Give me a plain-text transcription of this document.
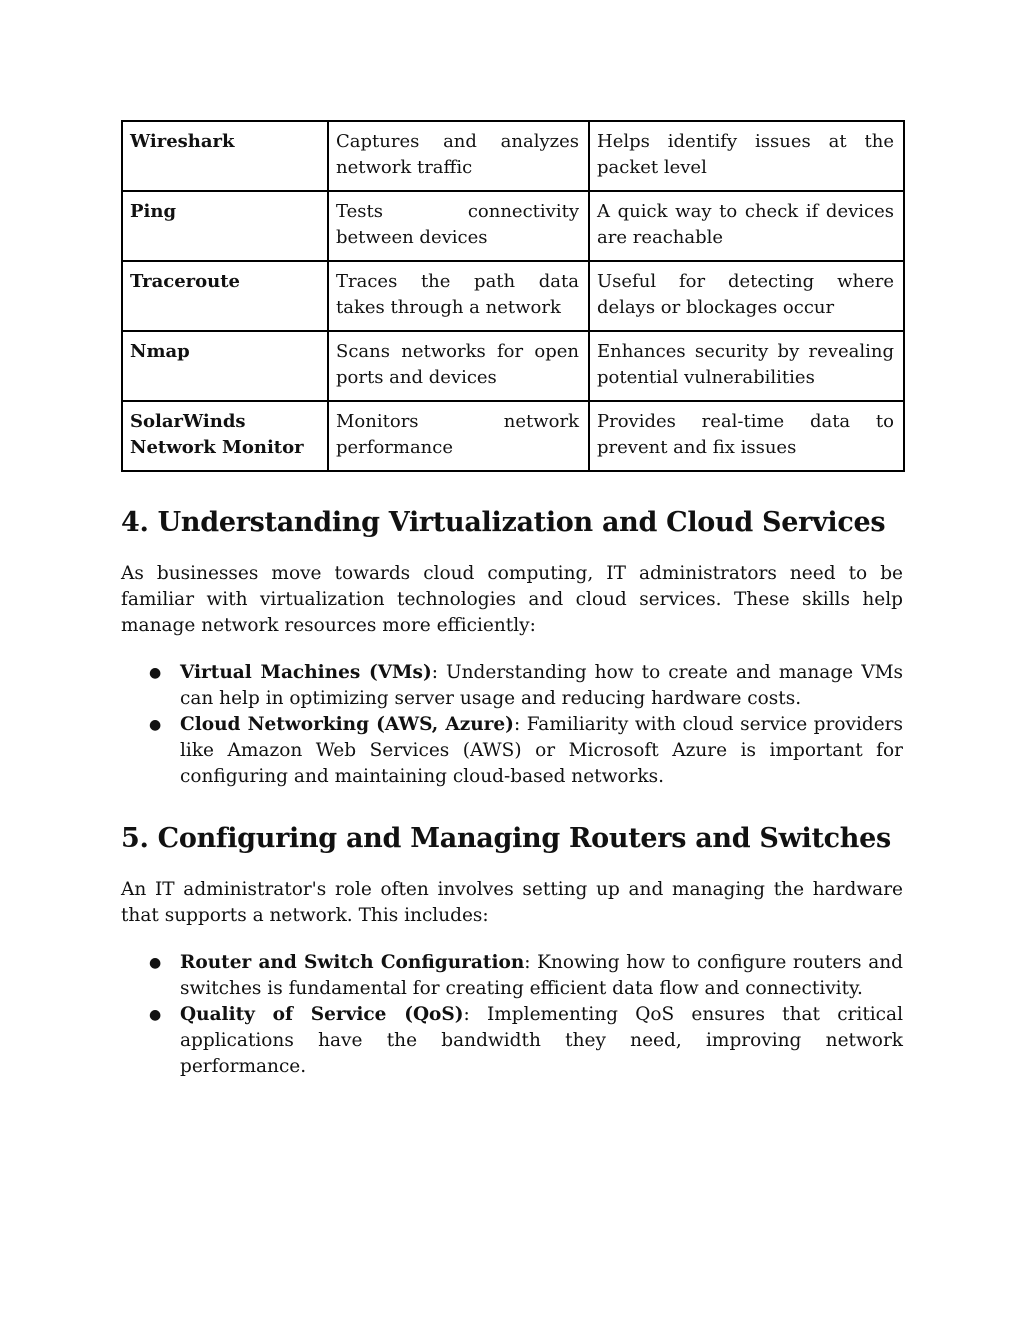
Wireshark	Captures and analyzes network traffic	Helps identify issues at the packet level
Ping	Tests connectivity between devices	A quick way to check if devices are reachable
Traceroute	Traces the path data takes through a network	Useful for detecting where delays or blockages occur
Nmap	Scans networks for open ports and devices	Enhances security by revealing potential vulnerabilities
SolarWinds Network Monitor	Monitors network performance	Provides real-time data to prevent and fix issues
4. Understanding Virtualization and Cloud Services

As businesses move towards cloud computing, IT administrators need to be familiar with virtualization technologies and cloud services. These skills help manage network resources more efficiently:

● Virtual Machines (VMs): Understanding how to create and manage VMs can help in optimizing server usage and reducing hardware costs.
● Cloud Networking (AWS, Azure): Familiarity with cloud service providers like Amazon Web Services (AWS) or Microsoft Azure is important for configuring and maintaining cloud-based networks.
5. Configuring and Managing Routers and Switches

An IT administrator's role often involves setting up and managing the hardware that supports a network. This includes:

● Router and Switch Configuration: Knowing how to configure routers and switches is fundamental for creating efficient data flow and connectivity.
● Quality of Service (QoS): Implementing QoS ensures that critical applications have the bandwidth they need, improving network performance.
